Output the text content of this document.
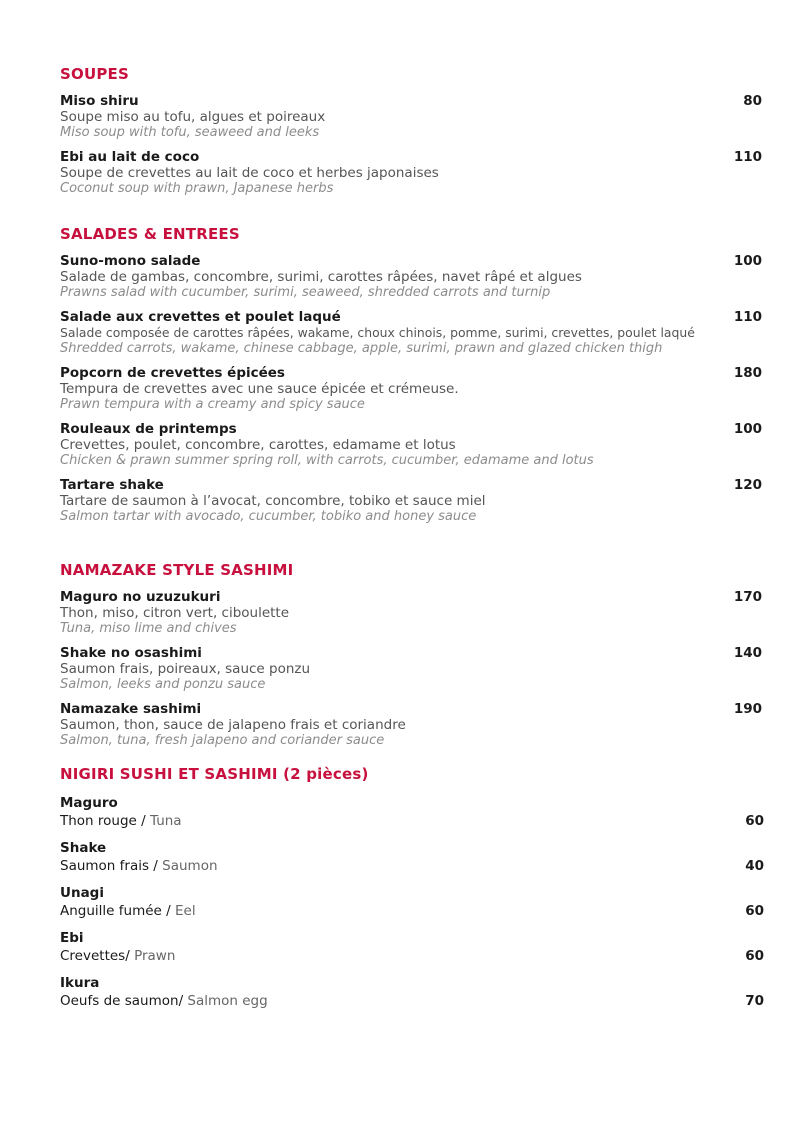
SOUPES
Miso shiru
Soupe miso au tofu, algues et poireaux
Miso soup with tofu, seaweed and leeks
80
Ebi au lait de coco
Soupe de crevettes au lait de coco et herbes japonaises
Coconut soup with prawn, Japanese herbs
110
SALADES & ENTREES
Suno-mono salade
Salade de gambas, concombre, surimi, carottes râpées, navet râpé et algues
Prawns salad with cucumber, surimi, seaweed, shredded carrots and turnip
100
Salade aux crevettes et poulet laqué
Salade composée de carottes râpées, wakame, choux chinois, pomme, surimi, crevettes, poulet laqué
Shredded carrots, wakame, chinese cabbage, apple, surimi, prawn and glazed chicken thigh
110
Popcorn de crevettes épicées
Tempura de crevettes avec une sauce épicée et crémeuse.
Prawn tempura with a creamy and spicy sauce
180
Rouleaux de printemps
Crevettes, poulet, concombre, carottes, edamame et lotus
Chicken & prawn summer spring roll, with carrots, cucumber, edamame and lotus
100
Tartare shake
Tartare de saumon à l’avocat, concombre, tobiko et sauce miel
Salmon tartar with avocado, cucumber, tobiko and honey sauce
120
NAMAZAKE STYLE SASHIMI
Maguro no uzuzukuri
Thon, miso, citron vert, ciboulette
Tuna, miso lime and chives
170
Shake no osashimi
Saumon frais, poireaux, sauce ponzu
Salmon, leeks and ponzu sauce
140
Namazake sashimi
Saumon, thon, sauce de jalapeno frais et coriandre
Salmon, tuna, fresh jalapeno and coriander sauce
190
NIGIRI SUSHI ET SASHIMI (2 pièces)
Maguro
Thon rouge / Tuna	60
Shake
Saumon frais / Saumon	40
Unagi
Anguille fumée / Eel	60
Ebi
Crevettes/ Prawn	60
Ikura
Oeufs de saumon/ Salmon egg	70
